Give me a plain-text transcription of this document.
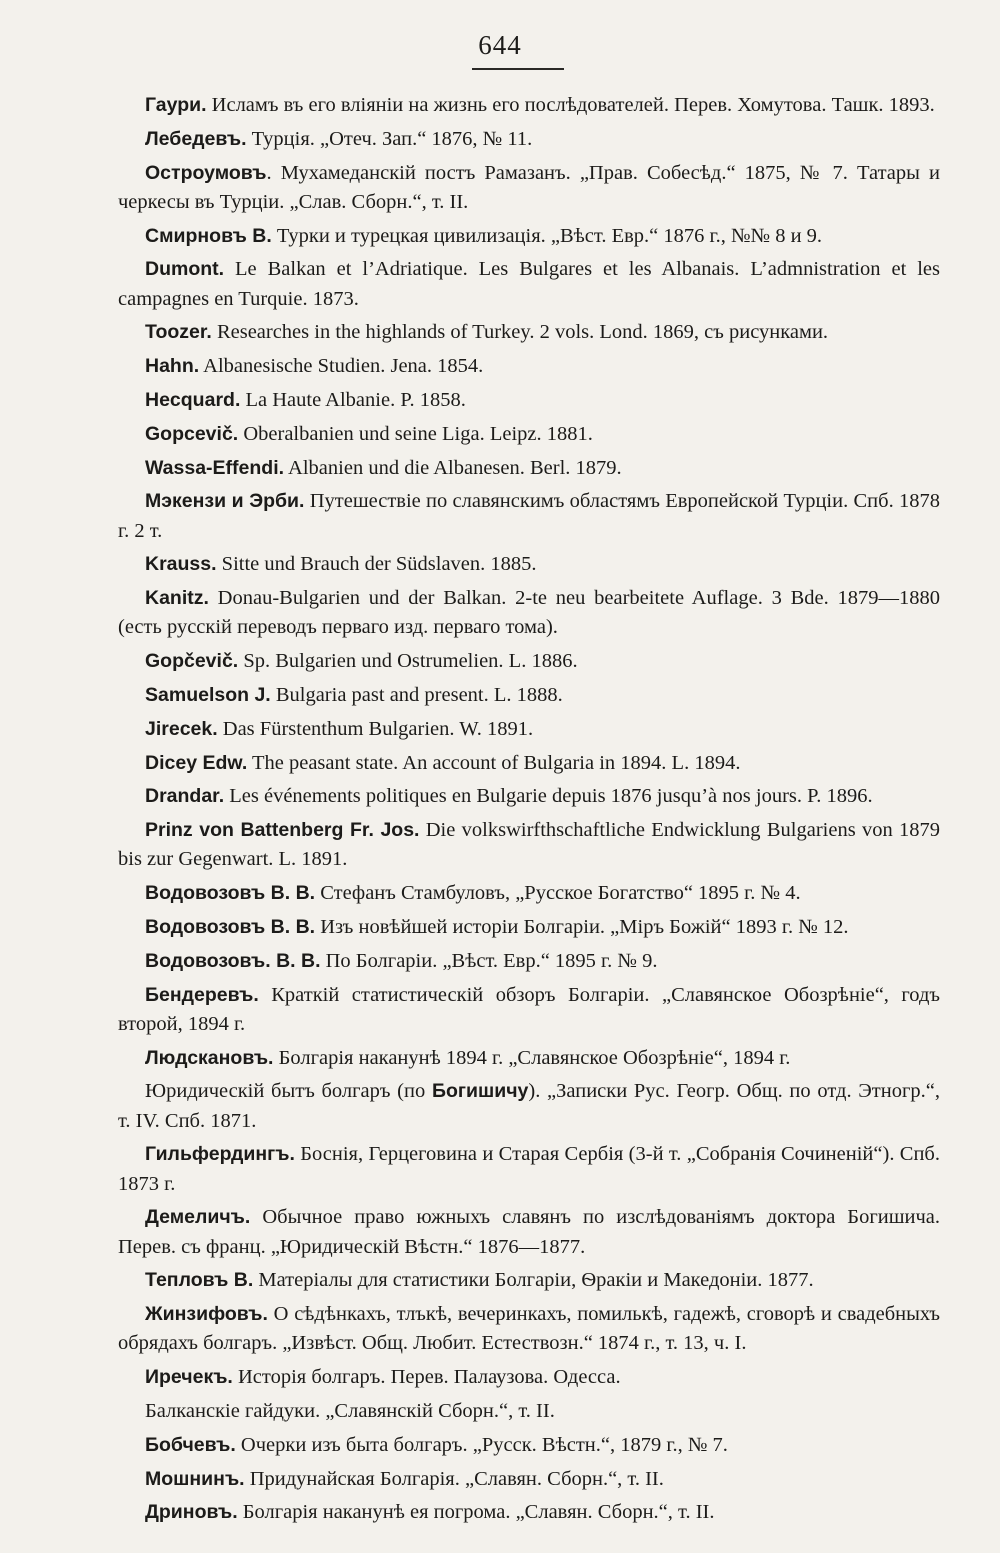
644
Гаури. Исламъ въ его вліяніи на жизнь его послѣдователей. Перев. Хомутова. Ташк. 1893.
Лебедевъ. Турція. „Отеч. Зап.“ 1876, № 11.
Остроумовъ. Мухамеданскій постъ Рамазанъ. „Прав. Собесѣд.“ 1875, № 7. Татары и черкесы въ Турціи. „Слав. Сборн.“, т. II.
Смирновъ В. Турки и турецкая цивилизація. „Вѣст. Евр.“ 1876 г., №№ 8 и 9.
Dumont. Le Balkan et l’Adriatique. Les Bulgares et les Albanais. L’admnistration et les campagnes en Turquie. 1873.
Toozer. Researches in the highlands of Turkey. 2 vols. Lond. 1869, съ рисунками.
Hahn. Albanesische Studien. Jena. 1854.
Hecquard. La Haute Albanie. P. 1858.
Gopcevič. Oberalbanien und seine Liga. Leipz. 1881.
Wassa-Effendi. Albanien und die Albanesen. Berl. 1879.
Мэкензи и Эрби. Путешествіе по славянскимъ областямъ Европейской Турціи. Спб. 1878 г. 2 т.
Krauss. Sitte und Brauch der Südslaven. 1885.
Kanitz. Donau-Bulgarien und der Balkan. 2-te neu bearbeitete Auflage. 3 Bde. 1879—1880 (есть русскій переводъ перваго изд. перваго тома).
Gopčevič. Sp. Bulgarien und Ostrumelien. L. 1886.
Samuelson J. Bulgaria past and present. L. 1888.
Jirecek. Das Fürstenthum Bulgarien. W. 1891.
Dicey Edw. The peasant state. An account of Bulgaria in 1894. L. 1894.
Drandar. Les événements politiques en Bulgarie depuis 1876 jusqu’à nos jours. P. 1896.
Prinz von Battenberg Fr. Jos. Die volkswirfthschaftliche Endwicklung Bulgariens von 1879 bis zur Gegenwart. L. 1891.
Водовозовъ В. В. Стефанъ Стамбуловъ, „Русское Богатство“ 1895 г. № 4.
Водовозовъ В. В. Изъ новѣйшей исторіи Болгаріи. „Міръ Божій“ 1893 г. № 12.
Водовозовъ. В. В. По Болгаріи. „Вѣст. Евр.“ 1895 г. № 9.
Бендеревъ. Краткій статистическій обзоръ Болгаріи. „Славянское Обозрѣніе“, годъ второй, 1894 г.
Людскановъ. Болгарія наканунѣ 1894 г. „Славянское Обозрѣніе“, 1894 г.
Юридическій бытъ болгаръ (по Богишичу). „Записки Рус. Геогр. Общ. по отд. Этногр.“, т. IV. Спб. 1871.
Гильфердингъ. Боснія, Герцеговина и Старая Сербія (3-й т. „Собранія Сочиненій“). Спб. 1873 г.
Демеличъ. Обычное право южныхъ славянъ по изслѣдованіямъ доктора Богишича. Перев. съ франц. „Юридическій Вѣстн.“ 1876—1877.
Тепловъ В. Матеріалы для статистики Болгаріи, Ѳракіи и Македоніи. 1877.
Жинзифовъ. О сѣдѣнкахъ, тлъкѣ, вечеринкахъ, помилькѣ, гадежѣ, сговорѣ и свадебныхъ обрядахъ болгаръ. „Извѣст. Общ. Любит. Естествозн.“ 1874 г., т. 13, ч. I.
Иречекъ. Исторія болгаръ. Перев. Палаузова. Одесса.
Балканскіе гайдуки. „Славянскій Сборн.“, т. II.
Бобчевъ. Очерки изъ быта болгаръ. „Русск. Вѣстн.“, 1879 г., № 7.
Мошнинъ. Придунайская Болгарія. „Славян. Сборн.“, т. II.
Дриновъ. Болгарія наканунѣ ея погрома. „Славян. Сборн.“, т. II.
